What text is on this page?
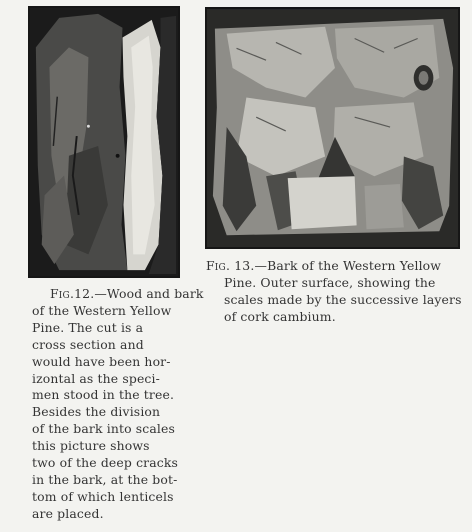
Fig.12.—Wood and bark
of the Western Yellow
Pine. The cut is a
cross section and
would have been hor-
izontal as the speci-
men stood in the tree.
Besides the division
of the bark into scales
this picture shows
two of the deep cracks
in the bark, at the bot-
tom of which lenticels
are placed.
Fig. 13.—Bark of the Western Yellow
Pine. Outer surface, showing the
scales made by the successive layers
of cork cambium.
